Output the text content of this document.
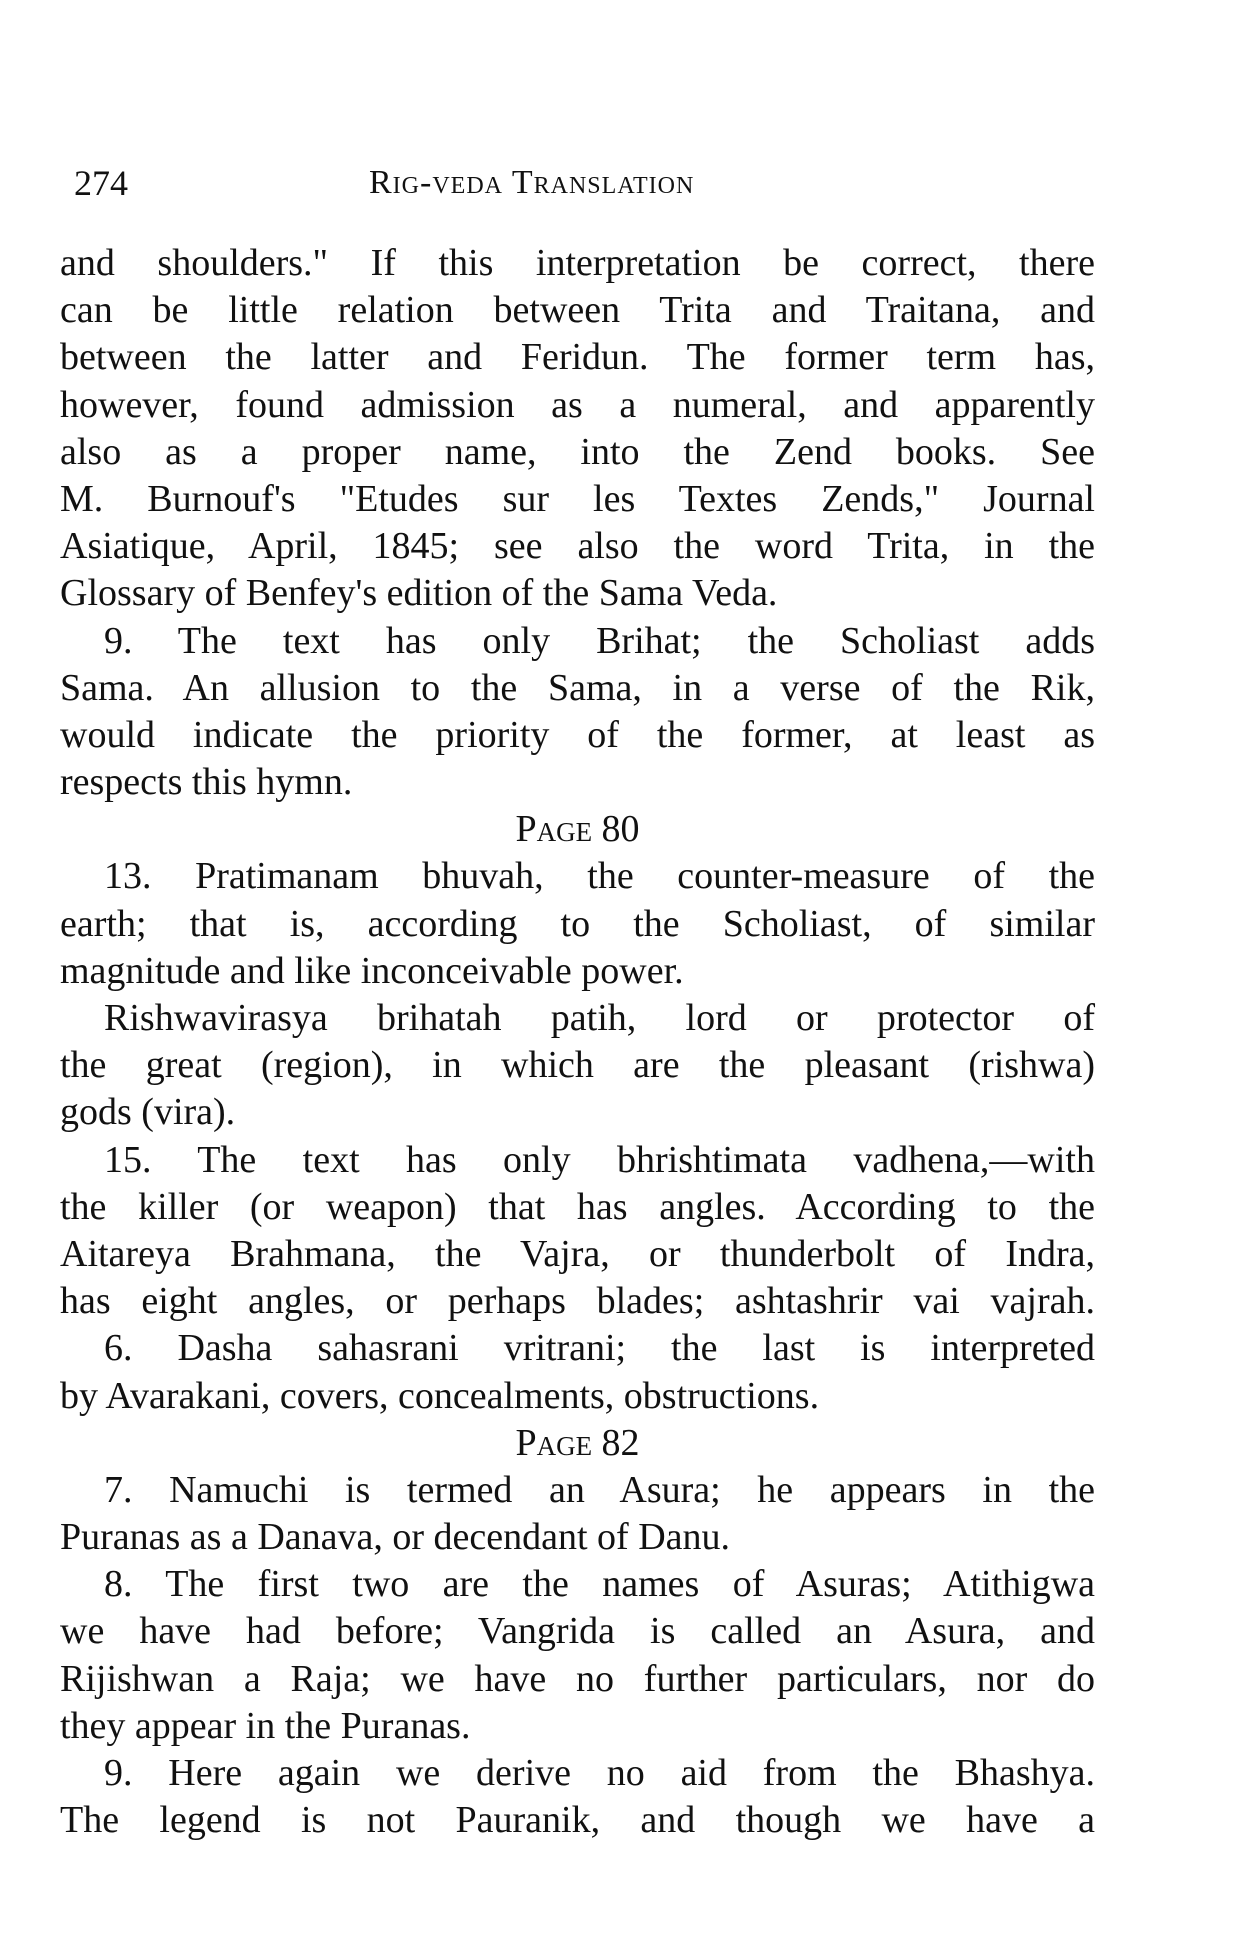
274	Rig-veda Translation
and shoulders." If this interpretation be correct, there
can be little relation between Trita and Traitana, and
between the latter and Feridun. The former term has,
however, found admission as a numeral, and apparently
also as a proper name, into the Zend books. See
M. Burnouf's "Etudes sur les Textes Zends," Journal
Asiatique, April, 1845; see also the word Trita, in the
Glossary of Benfey's edition of the Sama Veda.
9. The text has only Brihat; the Scholiast adds
Sama. An allusion to the Sama, in a verse of the Rik,
would indicate the priority of the former, at least as
respects this hymn.
Page 80
13. Pratimanam bhuvah, the counter-measure of the
earth; that is, according to the Scholiast, of similar
magnitude and like inconceivable power.
Rishwavirasya brihatah patih, lord or protector of
the great (region), in which are the pleasant (rishwa)
gods (vira).
15. The text has only bhrishtimata vadhena,—with
the killer (or weapon) that has angles. According to the
Aitareya Brahmana, the Vajra, or thunderbolt of Indra,
has eight angles, or perhaps blades; ashtashrir vai vajrah.
6. Dasha sahasrani vritrani; the last is interpreted
by Avarakani, covers, concealments, obstructions.
Page 82
7. Namuchi is termed an Asura; he appears in the
Puranas as a Danava, or decendant of Danu.
8. The first two are the names of Asuras; Atithigwa
we have had before; Vangrida is called an Asura, and
Rijishwan a Raja; we have no further particulars, nor do
they appear in the Puranas.
9. Here again we derive no aid from the Bhashya.
The legend is not Pauranik, and though we have a
